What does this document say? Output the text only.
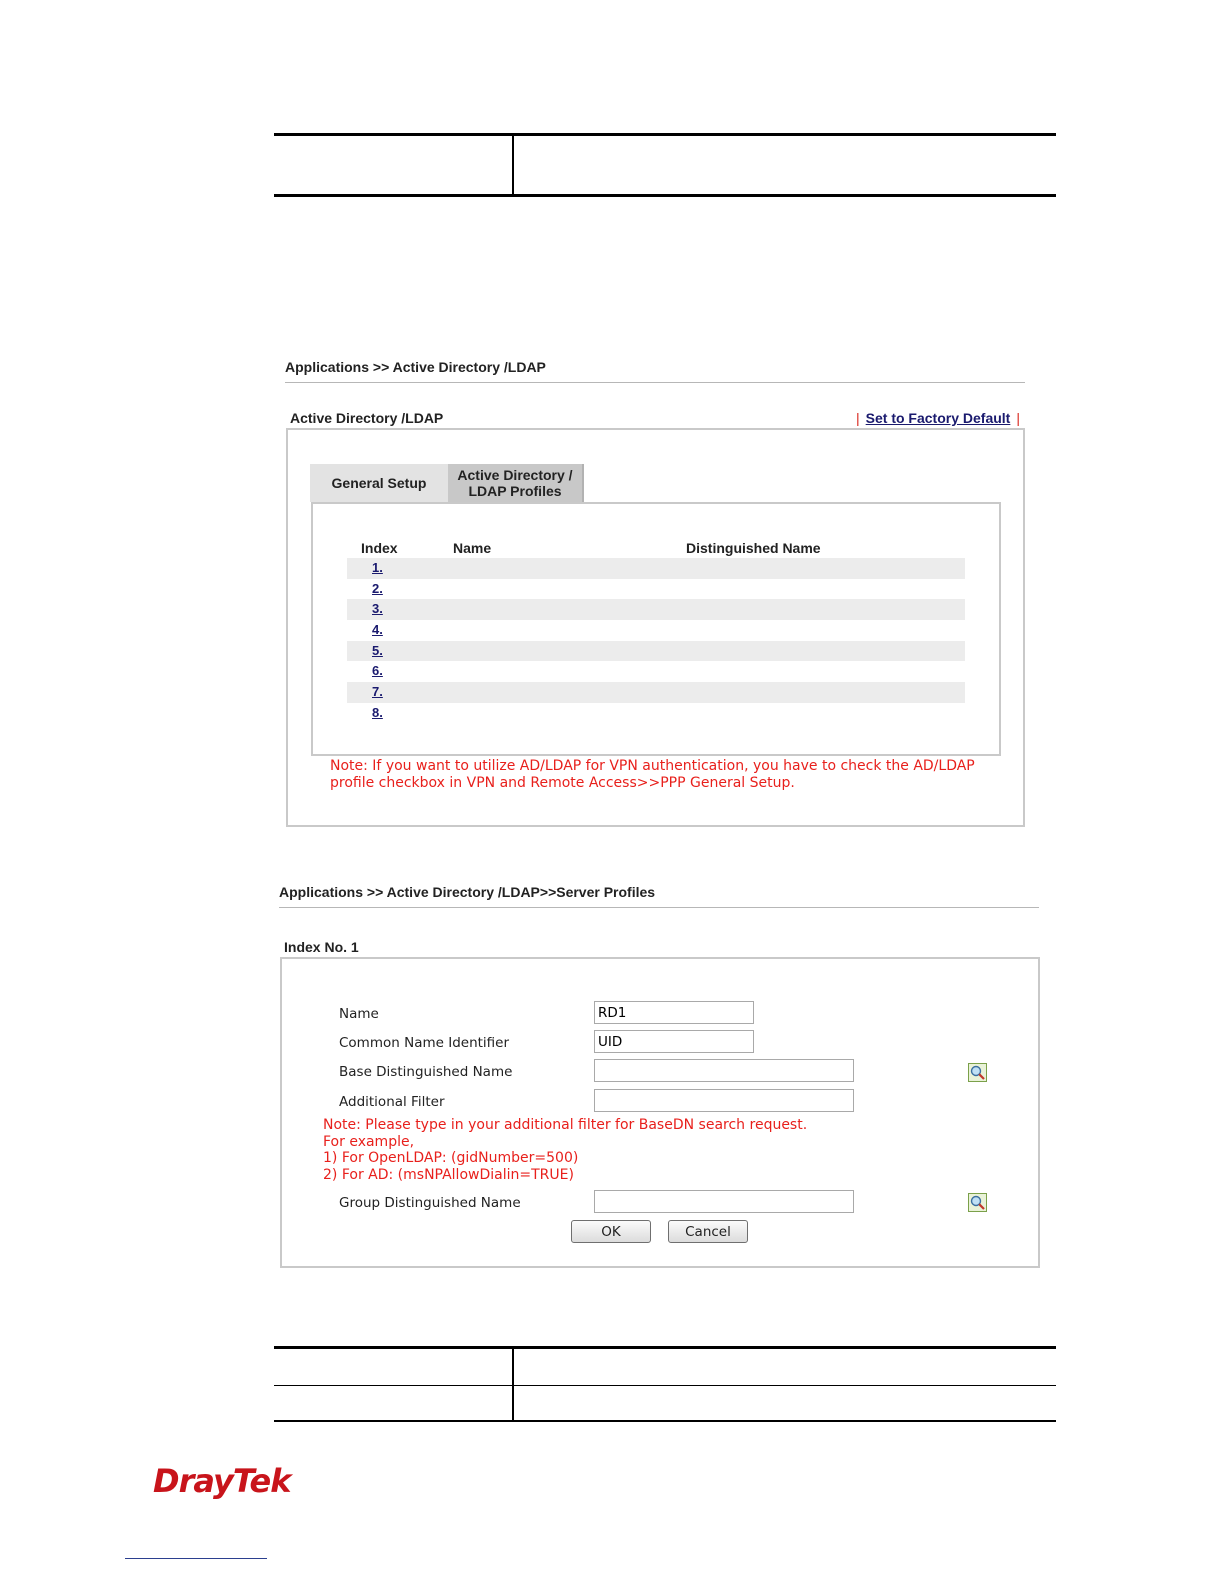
Applications >> Active Directory /LDAP
Active Directory /LDAP	| Set to Factory Default |
General Setup Active Directory /
LDAP Profiles
Index	Name	Distinguished Name
1.
2.
3.
4.
5.
6.
7.
8.
Note: If you want to utilize AD/LDAP for VPN authentication, you have to check the AD/LDAP
profile checkbox in VPN and Remote Access>>PPP General Setup.
Applications >> Active Directory /LDAP>>Server Profiles
Index No. 1
Name
RD1
Common Name Identifier
UID
Base Distinguished Name
Additional Filter
Note: Please type in your additional filter for BaseDN search request.
For example,
1) For OpenLDAP: (gidNumber=500)
2) For AD: (msNPAllowDialin=TRUE)
Group Distinguished Name
OK	Cancel
DrayTek
